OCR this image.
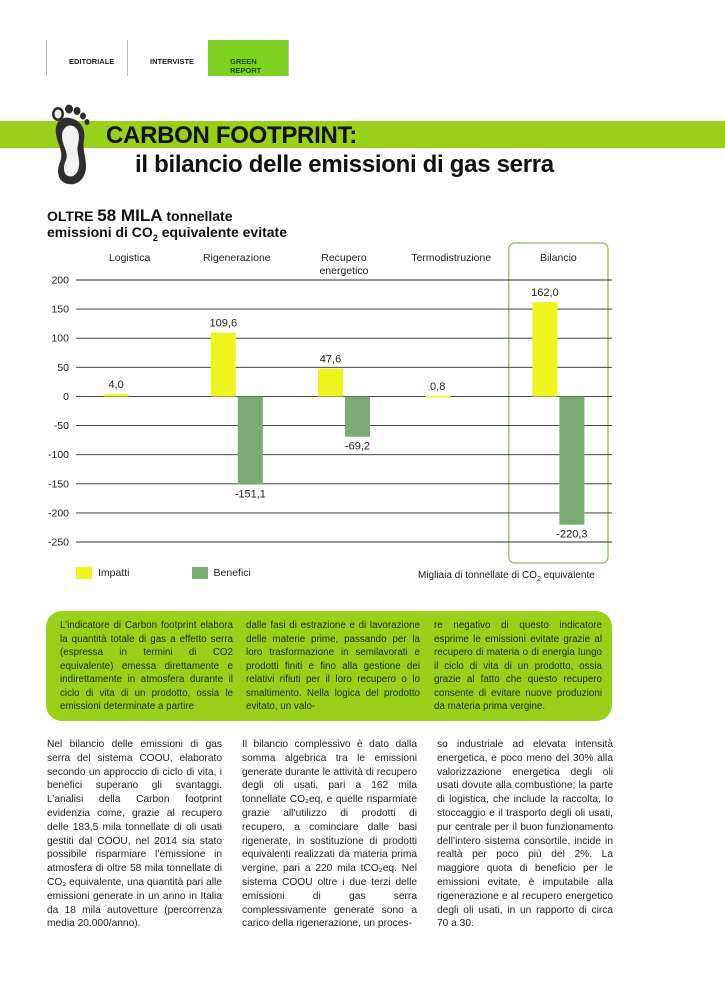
EDITORIALE	INTERVISTE	GREEN REPORT
CARBON FOOTPRINT:
il bilancio delle emissioni di gas serra
OLTRE 58 MILA tonnellate
emissioni di $CO_2$ equivalente evitate
200
150
100
50
0
-50
-100
-150
-200
-250
Logistica	Rigenerazione	Recupero
energetico
Termodistruzione	Bilancio
4,0
109,6
47,6
0,8
162,0
-151,1
-69,2
-220,3
Impatti	Benefici	Migliaia di tonnellate di $CO_2$ equivalente
L’indicatore di Carbon footprint elabora la quantità totale di gas a effetto serra (espressa in termini di CO2 equivalente) emessa direttamente e indirettamente in atmosfera durante il ciclo di vita di un prodotto, ossia le emissioni determinate a partire
dalle fasi di estrazione e di lavorazione delle materie prime, passando per la loro trasformazione in semilavorati e prodotti finiti e fino alla gestione dei relativi rifiuti per il loro recupero o lo smaltimento. Nella logica del prodotto evitato, un valo-
re negativo di questo indicatore esprime le emissioni evitate grazie al recupero di materia o di energia lungo il ciclo di vita di un prodotto, ossia grazie al fatto che questo recupero consente di evitare nuove produzioni da materia prima vergine.
Nel bilancio delle emissioni di gas serra del sistema COOU, elaborato secondo un approccio di ciclo di vita, i benefici superano gli svantaggi. L’analisi della Carbon footprint evidenzia come, grazie al recupero delle 183,5 mila tonnellate di oli usati gestiti dal COOU, nel 2014 sia stato possibile risparmiare l’emissione in atmosfera di oltre 58 mila tonnellate di CO₂ equivalente, una quantità pari alle emissioni generate in un anno in Italia da 18 mila autovetture (percorrenza media 20.000/anno).
Il bilancio complessivo è dato dalla somma algebrica tra le emissioni generate durante le attività di recupero degli oli usati, pari a 162 mila tonnellate CO₂eq, e quelle risparmiate grazie all’utilizzo di prodotti di recupero, a cominciare dalle basi rigenerate, in sostituzione di prodotti equivalenti realizzati da materia prima vergine, pari a 220 mila tCO₂eq. Nel sistema COOU oltre i due terzi delle emissioni di gas serra complessivamente generate sono a carico della rigenerazione, un proces-
so industriale ad elevata intensità energetica, e poco meno del 30% alla valorizzazione energetica degli oli usati dovute alla combustione; la parte di logistica, che include la raccolta, lo stoccaggio e il trasporto degli oli usati, pur centrale per il buon funzionamento dell’intero sistema consortile, incide in realtà per poco più del 2%. La maggiore quota di beneficio per le emissioni evitate, è imputabile alla rigenerazione e al recupero energetico degli oli usati, in un rapporto di circa 70 a 30.
